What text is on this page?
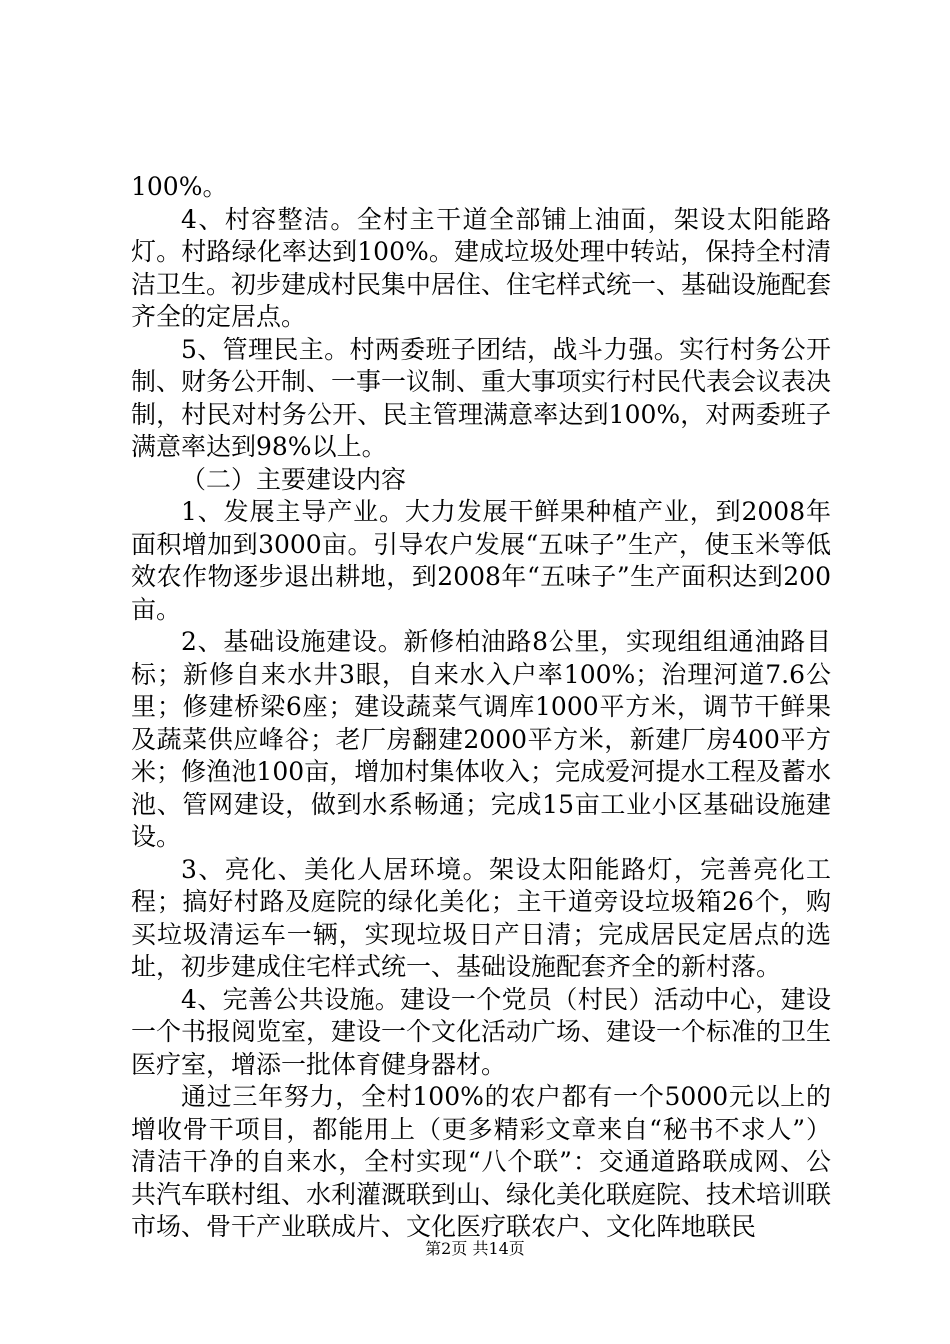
100%。

4、村容整洁。全村主干道全部铺上油面，架设太阳能路灯。村路绿化率达到100%。建成垃圾处理中转站，保持全村清洁卫生。初步建成村民集中居住、住宅样式统一、基础设施配套齐全的定居点。

5、管理民主。村两委班子团结，战斗力强。实行村务公开制、财务公开制、一事一议制、重大事项实行村民代表会议表决制，村民对村务公开、民主管理满意率达到100%，对两委班子满意率达到98%以上。

（二）主要建设内容

1、发展主导产业。大力发展干鲜果种植产业，到2008年面积增加到3000亩。引导农户发展“五味子”生产，使玉米等低效农作物逐步退出耕地，到2008年“五味子”生产面积达到200亩。

2、基础设施建设。新修柏油路8公里，实现组组通油路目标；新修自来水井3眼，自来水入户率100%；治理河道7.6公里；修建桥梁6座；建设蔬菜气调库1000平方米，调节干鲜果及蔬菜供应峰谷；老厂房翻建2000平方米，新建厂房400平方米；修渔池100亩，增加村集体收入；完成爱河提水工程及蓄水池、管网建设，做到水系畅通；完成15亩工业小区基础设施建设。

3、亮化、美化人居环境。架设太阳能路灯，完善亮化工程；搞好村路及庭院的绿化美化；主干道旁设垃圾箱26个，购买垃圾清运车一辆，实现垃圾日产日清；完成居民定居点的选址，初步建成住宅样式统一、基础设施配套齐全的新村落。

4、完善公共设施。建设一个党员（村民）活动中心，建设一个书报阅览室，建设一个文化活动广场、建设一个标准的卫生医疗室，增添一批体育健身器材。

通过三年努力，全村100%的农户都有一个5000元以上的增收骨干项目，都能用上（更多精彩文章来自“秘书不求人”）清洁干净的自来水，全村实现“八个联”：交通道路联成网、公共汽车联村组、水利灌溉联到山、绿化美化联庭院、技术培训联市场、骨干产业联成片、文化医疗联农户、文化阵地联民

第2页 共14页
